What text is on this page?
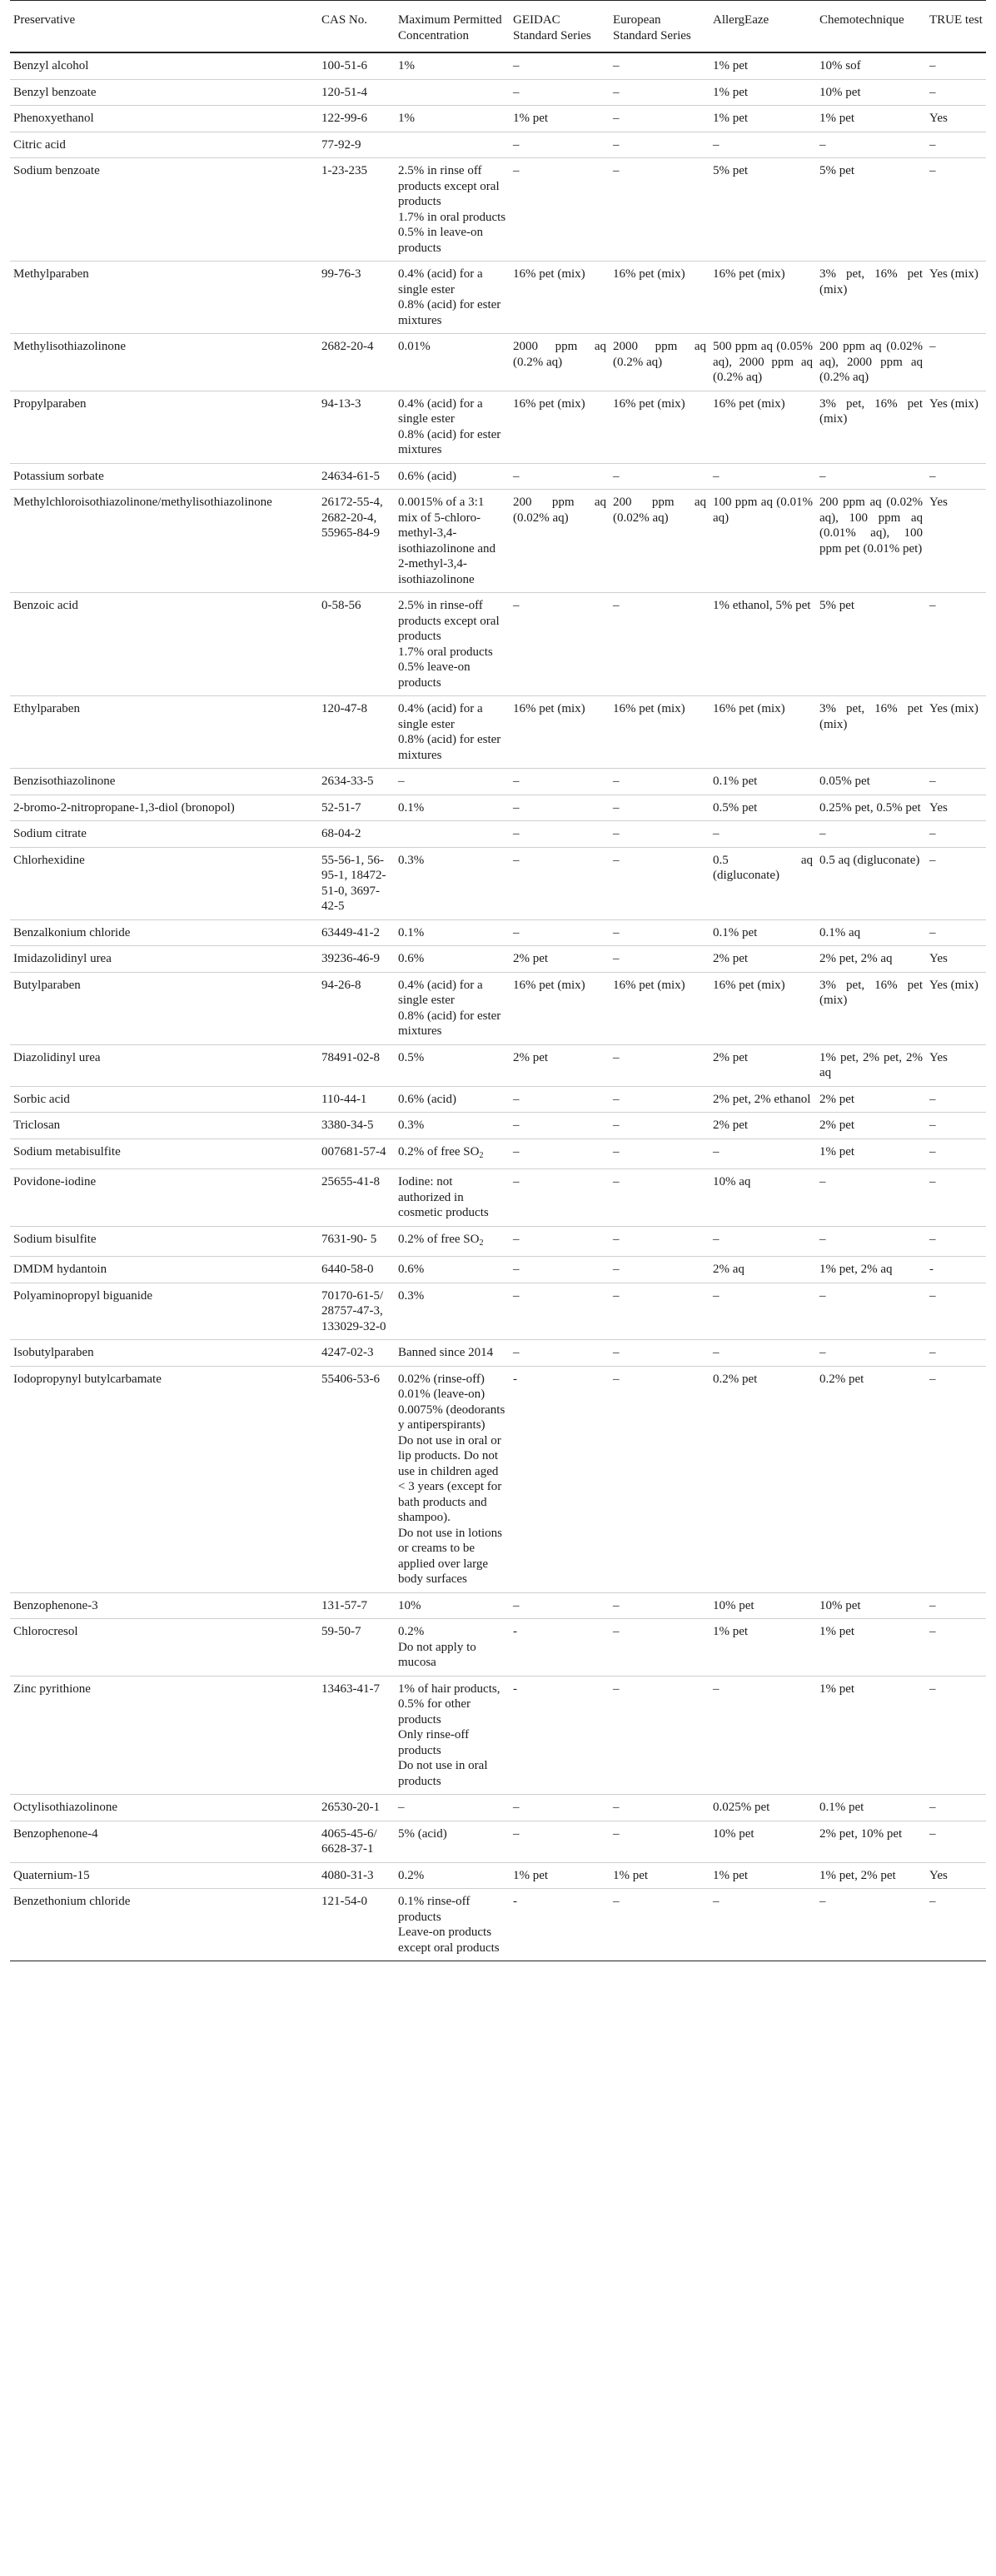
Preservative	CAS No.	Maximum Permitted Concentration	GEIDAC Standard Series	European Standard Series	AllergEaze	Chemotechnique	TRUE test
Benzyl alcohol	100-51-6	1%	–	–	1% pet	10% sof	–
Benzyl benzoate	120-51-4		–	–	1% pet	10% pet	–
Phenoxyethanol	122-99-6	1%	1% pet	–	1% pet	1% pet	Yes
Citric acid	77-92-9		–	–	–	–	–
Sodium benzoate	1-23-235	2.5% in rinse off products except oral products
1.7% in oral products
0.5% in leave-on products	–	–	5% pet	5% pet	–
Methylparaben	99-76-3	0.4% (acid) for a single ester
0.8% (acid) for ester mixtures	16% pet (mix)	16% pet (mix)	16% pet (mix)	3% pet, 16% pet (mix)	Yes (mix)
Methylisothiazolinone	2682-20-4	0.01%	2000 ppm aq (0.2% aq)	2000 ppm aq (0.2% aq)	500 ppm aq (0.05% aq), 2000 ppm aq (0.2% aq)	200 ppm aq (0.02% aq), 2000 ppm aq (0.2% aq)	–
Propylparaben	94-13-3	0.4% (acid) for a single ester
0.8% (acid) for ester mixtures	16% pet (mix)	16% pet (mix)	16% pet (mix)	3% pet, 16% pet (mix)	Yes (mix)
Potassium sorbate	24634-61-5	0.6% (acid)	–	–	–	–	–
Methylchloroisothiazolinone/methylisothiazolinone	26172-55-4, 2682-20-4, 55965-84-9	0.0015% of a 3:1 mix of 5-chloro-methyl-3,4-isothiazolinone and 2-methyl-3,4-isothiazolinone	200 ppm aq (0.02% aq)	200 ppm aq (0.02% aq)	100 ppm aq (0.01% aq)	200 ppm aq (0.02% aq), 100 ppm aq (0.01% aq), 100 ppm pet (0.01% pet)	Yes
Benzoic acid	0-58-56	2.5% in rinse-off products except oral products
1.7% oral products
0.5% leave-on products	–	–	1% ethanol, 5% pet	5% pet	–
Ethylparaben	120-47-8	0.4% (acid) for a single ester
0.8% (acid) for ester mixtures	16% pet (mix)	16% pet (mix)	16% pet (mix)	3% pet, 16% pet (mix)	Yes (mix)
Benzisothiazolinone	2634-33-5	–	–	–	0.1% pet	0.05% pet	–
2-bromo-2-nitropropane-1,3-diol (bronopol)	52-51-7	0.1%	–	–	0.5% pet	0.25% pet, 0.5% pet	Yes
Sodium citrate	68-04-2		–	–	–	–	–
Chlorhexidine	55-56-1, 56-95-1, 18472-51-0, 3697-42-5	0.3%	–	–	0.5 aq (digluconate)	0.5 aq (digluconate)	–
Benzalkonium chloride	63449-41-2	0.1%	–	–	0.1% pet	0.1% aq	–
Imidazolidinyl urea	39236-46-9	0.6%	2% pet	–	2% pet	2% pet, 2% aq	Yes
Butylparaben	94-26-8	0.4% (acid) for a single ester
0.8% (acid) for ester mixtures	16% pet (mix)	16% pet (mix)	16% pet (mix)	3% pet, 16% pet (mix)	Yes (mix)
Diazolidinyl urea	78491-02-8	0.5%	2% pet	–	2% pet	1% pet, 2% pet, 2% aq	Yes
Sorbic acid	110-44-1	0.6% (acid)	–	–	2% pet, 2% ethanol	2% pet	–
Triclosan	3380-34-5	0.3%	–	–	2% pet	2% pet	–
Sodium metabisulfite	007681-57-4	0.2% of free $SO_2$	–	–	–	1% pet	–
Povidone-iodine	25655-41-8	Iodine: not authorized in cosmetic products	–	–	10% aq	–	–
Sodium bisulfite	7631-90- 5	0.2% of free $SO_2$	–	–	–	–	–
DMDM hydantoin	6440-58-0	0.6%	–	–	2% aq	1% pet, 2% aq	-
Polyaminopropyl biguanide	70170-61-5/ 28757-47-3, 133029-32-0	0.3%	–	–	–	–	–
Isobutylparaben	4247-02-3	Banned since 2014	–	–	–	–	–
Iodopropynyl butylcarbamate	55406-53-6	0.02% (rinse-off)
0.01% (leave-on)
0.0075% (deodorants y antiperspirants)
Do not use in oral or lip products. Do not use in children aged < 3 years (except for bath products and shampoo).
Do not use in lotions or creams to be applied over large body surfaces	-	–	0.2% pet	0.2% pet	–
Benzophenone-3	131-57-7	10%	–	–	10% pet	10% pet	–
Chlorocresol	59-50-7	0.2%
Do not apply to mucosa	-	–	1% pet	1% pet	–
Zinc pyrithione	13463-41-7	1% of hair products, 0.5% for other products
Only rinse-off products
Do not use in oral products	-	–	–	1% pet	–
Octylisothiazolinone	26530-20-1	–	–	–	0.025% pet	0.1% pet	–
Benzophenone-4	4065-45-6/ 6628-37-1	5% (acid)	–	–	10% pet	2% pet, 10% pet	–
Quaternium-15	4080-31-3	0.2%	1% pet	1% pet	1% pet	1% pet, 2% pet	Yes
Benzethonium chloride	121-54-0	0.1% rinse-off products
Leave-on products except oral products	-	–	–	–	–
